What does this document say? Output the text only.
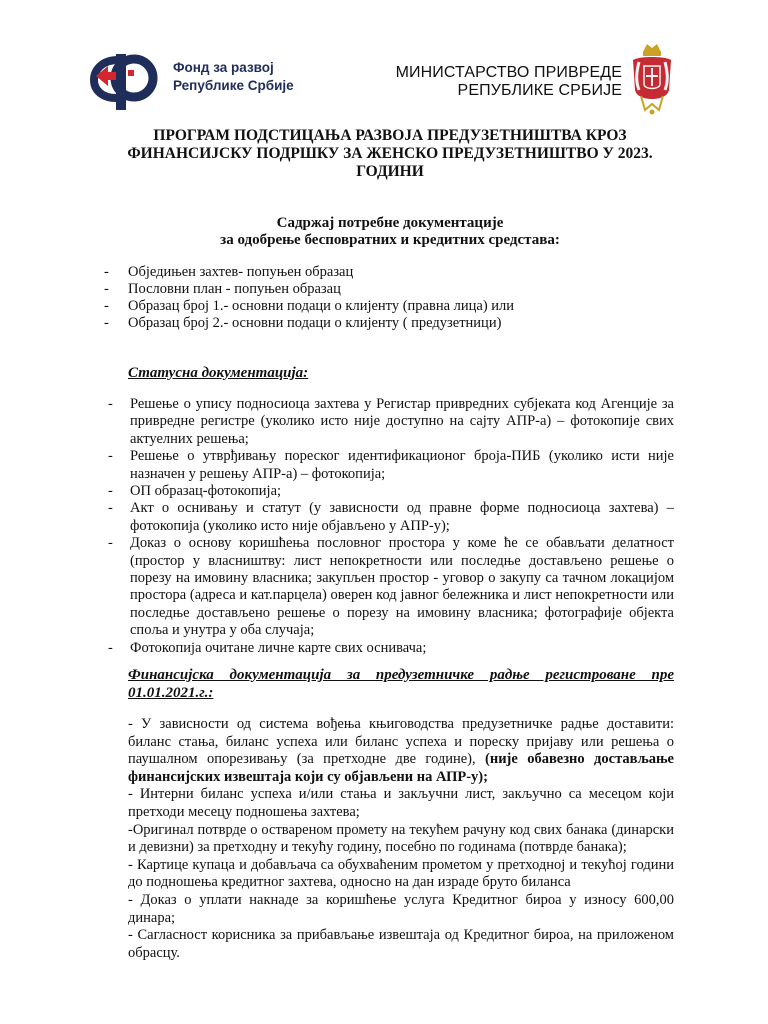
Фонд за развој
Републике Србије
МИНИСТАРСТВО ПРИВРЕДЕ
РЕПУБЛИКЕ СРБИЈЕ
ПРОГРАМ ПОДСТИЦАЊА РАЗВОЈА ПРЕДУЗЕТНИШТВА КРОЗ
ФИНАНСИЈСКУ ПОДРШКУ ЗА ЖЕНСКО ПРЕДУЗЕТНИШТВО У 2023.
ГОДИНИ
Садржај потребне документације
за одобрење бесповратних и кредитних средстава:
- Обједињен захтев- попуњен образац
- Пословни план - попуњен образац
- Образац број 1.- основни подаци о клијенту (правна лица) или
- Образац број 2.- основни подаци о клијенту ( предузетници)
Статусна документација:
- Решење о упису подносиоца захтева у Регистар привредних субјеката код Агенције за привредне регистре (уколико исто није доступно на сајту АПР-а) – фотокопије свих актуелних решења;
- Решење о утврђивању пореског идентификационог броја-ПИБ (уколико исти није назначен у решењу АПР-а) – фотокопија;
- ОП образац-фотокопија;
- Акт о оснивању и статут (у зависности од правне форме подносиоца захтева) – фотокопија (уколико исто није објављено у АПР-у);
- Доказ о основу коришћења пословног простора у коме ће се обављати делатност (простор у власништву: лист непокретности или последње достављено решење о порезу на имовину власника; закупљен простор - уговор о закупу са тачном локацијом простора (адреса и кат.парцела) оверен код јавног бележника и лист непокретности или последње достављено решење о порезу на имовину власника; фотографије објекта споља и унутра у оба случаја;
- Фотокопија очитане личне карте свих оснивача;
Финансијска документација за предузетничке радње регистроване пре 01.01.2021.г.:

- У зависности од система вођења књиговодства предузетничке радње доставити: биланс стања, биланс успеха или биланс успеха и пореску пријаву или решења о паушалном опорезивању (за претходне две године), (није обавезно достављање финансијских извештаја који су објављени на АПР-у);

- Интерни биланс успеха и/или стања и закључни лист, закључно са месецом који претходи месецу подношења захтева;

-Оригинал потврде о оствареном промету на текућем рачуну код свих банака (динарски и девизни) за претходну и текућу годину, посебно по годинама (потврде банака);

- Картице купаца и добављача са обухваћеним прометом у претходној и текућој години до подношења кредитног захтева, односно на дан израде бруто биланса

- Доказ о уплати накнаде за коришћење услуга Кредитног бироа у износу 600,00 динара;

- Сагласност корисника за прибављање извештаја од Кредитног бироа, на приложеном обрасцу.
